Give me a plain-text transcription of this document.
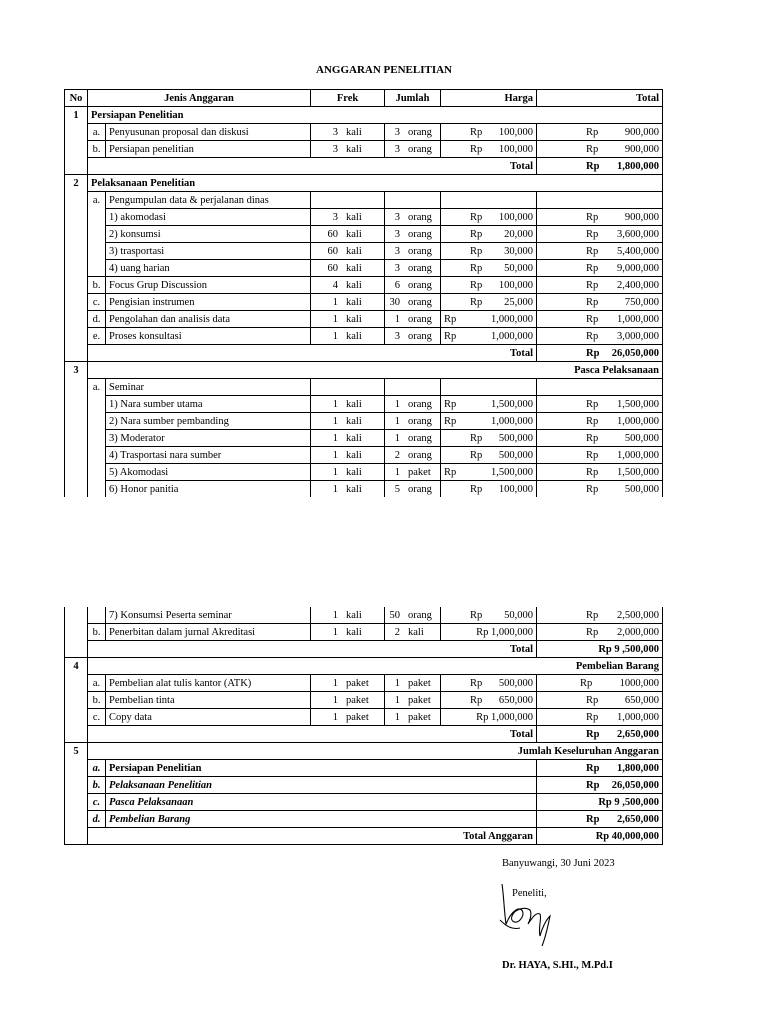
ANGGARAN PENELITIAN
No	Jenis Anggaran		Frek	Jumlah	Harga	Total
1	Persiapan Penelitian					
	a.	Penyusunan proposal dan diskusi	3 kali	3 orang	Rp 100,000	Rp 900,000

	b.	Persiapan penelitian	3 kali	3 orang	Rp 100,000	Rp 900,000

	Total					Rp 1,800,000

2	Pelaksanaan Penelitian					
	a.	Pengumpulan data & perjalanan dinas				
		1) akomodasi	3 kali	3 orang	Rp 100,000	Rp 900,000

		2) konsumsi	60 kali	3 orang	Rp 20,000	Rp 3,600,000

		3) trasportasi	60 kali	3 orang	Rp 30,000	Rp 5,400,000

		4) uang harian	60 kali	3 orang	Rp 50,000	Rp 9,000,000

	b.	Focus Grup Discussion	4 kali	6 orang	Rp 100,000	Rp 2,400,000

	c.	Pengisian instrumen	1 kali	30 orang	Rp 25,000	Rp 750,000

	d.	Pengolahan dan analisis data	1 kali	1 orang	Rp 1,000,000	Rp 1,000,000

	e.	Proses konsultasi	1 kali	3 orang	Rp 1,000,000	Rp 3,000,000

	Total					Rp 26,050,000

3	Pasca Pelaksanaan					
	a.	Seminar				
		1) Nara sumber utama	1 kali	1 orang	Rp 1,500,000	Rp 1,500,000

		2) Nara sumber pembanding	1 kali	1 orang	Rp 1,000,000	Rp 1,000,000

		3) Moderator	1 kali	1 orang	Rp 500,000	Rp 500,000

		4) Trasportasi nara sumber	1 kali	2 orang	Rp 500,000	Rp 1,000,000

		5) Akomodasi	1 kali	1 paket	Rp 1,500,000	Rp 1,500,000

		6) Honor panitia	1 kali	5 orang	Rp 100,000	Rp 500,000
		7) Konsumsi Peserta seminar	1 kali	50 orang	Rp 50,000	Rp 2,500,000

	b.	Penerbitan dalam jurnal Akreditasi	1 kali	2 kali	Rp 1,000,000	Rp 2,000,000

	Total					Rp 9 ,500,000
4	Pembelian Barang					
	a.	Pembelian alat tulis kantor (ATK)	1 paket	1 paket	Rp 500,000	Rp 1000,000

	b.	Pembelian tinta	1 paket	1 paket	Rp 650,000	Rp 650,000

	c.	Copy data	1 paket	1 paket	Rp 1,000,000	Rp 1,000,000

	Total					Rp 2,650,000

5	Jumlah Keseluruhan Anggaran					
	a.	Persiapan Penelitian				Rp 1,800,000

	b.	Pelaksanaan Penelitian				Rp 26,050,000

	c.	Pasca Pelaksanaan				Rp 9 ,500,000
	d.	Pembelian Barang				Rp 2,650,000

	Total Anggaran					Rp 40,000,000
Banyuwangi, 30 Juni 2023
Peneliti,
Dr. HAYA, S.HI., M.Pd.I
